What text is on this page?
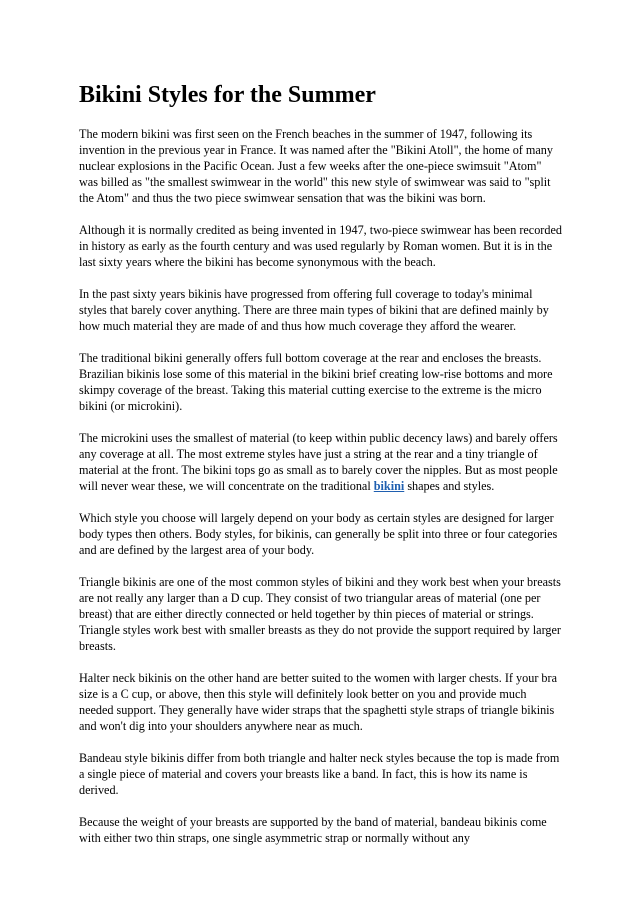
Bikini Styles for the Summer

The modern bikini was first seen on the French beaches in the summer of 1947, following its invention in the previous year in France. It was named after the "Bikini Atoll", the home of many nuclear explosions in the Pacific Ocean. Just a few weeks after the one-piece swimsuit "Atom" was billed as "the smallest swimwear in the world" this new style of swimwear was said to "split the Atom" and thus the two piece swimwear sensation that was the bikini was born.

Although it is normally credited as being invented in 1947, two-piece swimwear has been recorded in history as early as the fourth century and was used regularly by Roman women. But it is in the last sixty years where the bikini has become synonymous with the beach.

In the past sixty years bikinis have progressed from offering full coverage to today's minimal styles that barely cover anything. There are three main types of bikini that are defined mainly by how much material they are made of and thus how much coverage they afford the wearer.

The traditional bikini generally offers full bottom coverage at the rear and encloses the breasts. Brazilian bikinis lose some of this material in the bikini brief creating low-rise bottoms and more skimpy coverage of the breast. Taking this material cutting exercise to the extreme is the micro bikini (or microkini).

The microkini uses the smallest of material (to keep within public decency laws) and barely offers any coverage at all. The most extreme styles have just a string at the rear and a tiny triangle of material at the front. The bikini tops go as small as to barely cover the nipples. But as most people will never wear these, we will concentrate on the traditional bikini shapes and styles.

Which style you choose will largely depend on your body as certain styles are designed for larger body types then others. Body styles, for bikinis, can generally be split into three or four categories and are defined by the largest area of your body.

Triangle bikinis are one of the most common styles of bikini and they work best when your breasts are not really any larger than a D cup. They consist of two triangular areas of material (one per breast) that are either directly connected or held together by thin pieces of material or strings. Triangle styles work best with smaller breasts as they do not provide the support required by larger breasts.

Halter neck bikinis on the other hand are better suited to the women with larger chests. If your bra size is a C cup, or above, then this style will definitely look better on you and provide much needed support. They generally have wider straps that the spaghetti style straps of triangle bikinis and won't dig into your shoulders anywhere near as much.

Bandeau style bikinis differ from both triangle and halter neck styles because the top is made from a single piece of material and covers your breasts like a band. In fact, this is how its name is derived.

Because the weight of your breasts are supported by the band of material, bandeau bikinis come with either two thin straps, one single asymmetric strap or normally without any
